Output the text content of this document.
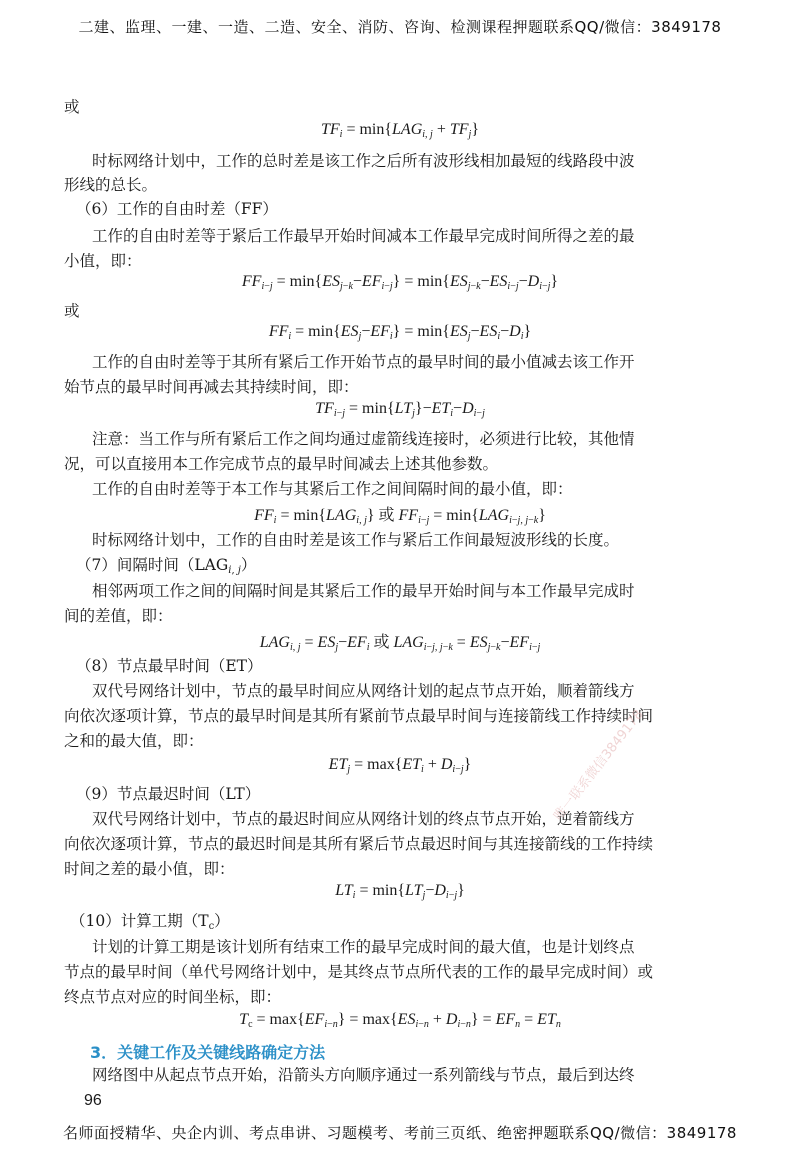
二建、监理、一建、一造、二造、安全、消防、咨询、检测课程押题联系QQ/微信：3849178
或
$TF_i = \min\{LAG_{i, j} + TF_j\}$
时标网络计划中，工作的总时差是该工作之后所有波形线相加最短的线路段中波
形线的总长。
（6）工作的自由时差（FF）
工作的自由时差等于紧后工作最早开始时间减本工作最早完成时间所得之差的最
小值，即：
$FF_{i-j} = \min\{ES_{j-k}-EF_{i-j}\} = \min\{ES_{j-k}-ES_{i-j}-D_{i-j}\}$
或
$FF_i = \min\{ES_j-EF_i\} = \min\{ES_j-ES_i-D_i\}$
工作的自由时差等于其所有紧后工作开始节点的最早时间的最小值减去该工作开
始节点的最早时间再减去其持续时间，即：
$TF_{i-j} = \min\{LT_j\}-ET_i-D_{i-j}$
注意：当工作与所有紧后工作之间均通过虚箭线连接时，必须进行比较，其他情
况，可以直接用本工作完成节点的最早时间减去上述其他参数。
工作的自由时差等于本工作与其紧后工作之间间隔时间的最小值，即：
$FF_i = \min\{LAG_{i, j}\}$ 或 $FF_{i-j} = \min\{LAG_{i-j, j-k}\}$
时标网络计划中，工作的自由时差是该工作与紧后工作间最短波形线的长度。
（7）间隔时间$(LAG_{i, j})$
相邻两项工作之间的间隔时间是其紧后工作的最早开始时间与本工作最早完成时
间的差值，即：
$LAG_{i, j} = ES_j-EF_i$ 或 $LAG_{i-j, j-k} = ES_{j-k}-EF_{i-j}$
（8）节点最早时间（ET）
双代号网络计划中，节点的最早时间应从网络计划的起点节点开始，顺着箭线方
向依次逐项计算，节点的最早时间是其所有紧前节点最早时间与连接箭线工作持续时间
之和的最大值，即：
$ET_j = \max\{ET_i + D_{i-j}\}$
（9）节点最迟时间（LT）
双代号网络计划中，节点的最迟时间应从网络计划的终点节点开始，逆着箭线方
向依次逐项计算，节点的最迟时间是其所有紧后节点最迟时间与其连接箭线的工作持续
时间之差的最小值，即：
$LT_i = \min\{LT_j-D_{i-j}\}$
（10）计算工期$(T_c)$
计划的计算工期是该计划所有结束工作的最早完成时间的最大值，也是计划终点
节点的最早时间（单代号网络计划中，是其终点节点所代表的工作的最早完成时间）或
终点节点对应的时间坐标，即：
$T_c = \max\{EF_{i-n}\} = \max\{ES_{i-n} + D_{i-n}\} = EF_n = ET_n$
3．关键工作及关键线路确定方法
网络图中从起点节点开始，沿箭头方向顺序通过一系列箭线与节点，最后到达终
96
名师面授精华、央企内训、考点串讲、习题模考、考前三页纸、绝密押题联系QQ/微信：3849178
唯一联系微信3849178
